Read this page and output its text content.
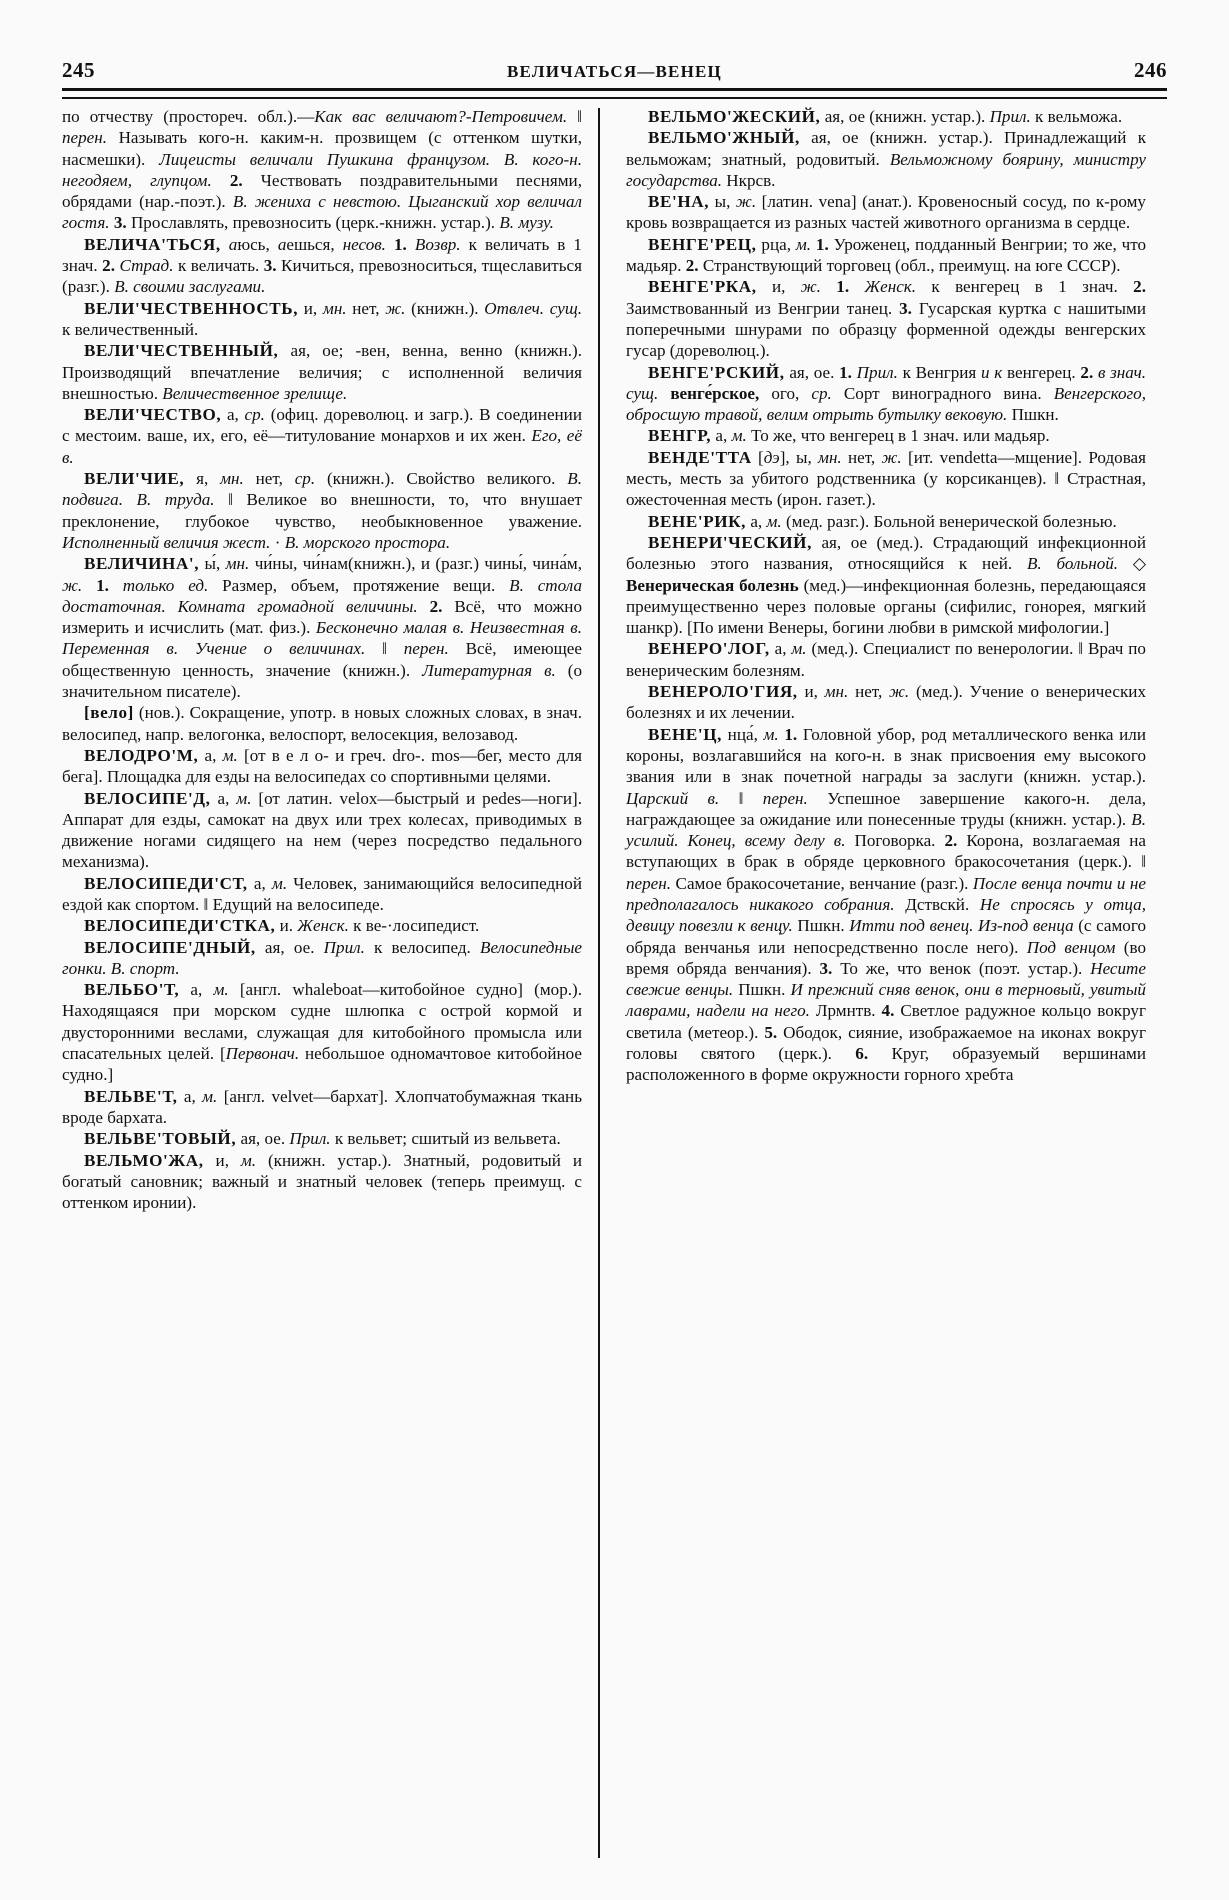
245	ВЕЛИЧАТЬСЯ—ВЕНЕЦ	246

по отчеству (простореч. обл.).—Как вас величают?-Петровичем. ‖ перен. Называть кого-н. каким-н. прозвищем (с оттенком шутки, насмешки). Лицеисты величали Пушкина французом. В. кого-н. негодяем, глупцом. 2. Чествовать поздравительными песнями, обрядами (нар.-поэт.). В. жениха с невстою. Цыганский хор величал гостя. 3. Прославлять, превозносить (церк.-книжн. устар.). В. музу.

ВЕЛИЧА'ТЬСЯ, аюсь, аешься, несов. 1. Возвр. к величать в 1 знач. 2. Страд. к величать. 3. Кичиться, превозноситься, тщеславиться (разг.). В. своими заслугами.

ВЕЛИ'ЧЕСТВЕННОСТЬ, и, мн. нет, ж. (книжн.). Отвлеч. сущ. к величественный.

ВЕЛИ'ЧЕСТВЕННЫЙ, ая, ое; -вен, венна, венно (книжн.). Производящий впечатление величия; с исполненной величия внешностью. Величественное зрелище.

ВЕЛИ'ЧЕСТВО, а, ср. (офиц. дореволюц. и загр.). В соединении с местоим. ваше, их, его, её—титулование монархов и их жен. Его, её в.

ВЕЛИ'ЧИЕ, я, мн. нет, ср. (книжн.). Свойство великого. В. подвига. В. труда. ‖ Великое во внешности, то, что внушает преклонение, глубокое чувство, необыкновенное уважение. Исполненный величия жест. · В. морского простора.

ВЕЛИЧИНА', ы́, мн. чи́ны, чи́нам(книжн.), и (разг.) чины́, чина́м, ж. 1. только ед. Размер, объем, протяжение вещи. В. стола достаточная. Комната громадной величины. 2. Всё, что можно измерить и исчислить (мат. физ.). Бесконечно малая в. Неизвестная в. Переменная в. Учение о величинах. ‖ перен. Всё, имеющее общественную ценность, значение (книжн.). Литературная в. (о значительном писателе).

[вело] (нов.). Сокращение, употр. в новых сложных словах, в знач. велосипед, напр. велогонка, велоспорт, велосекция, велозавод.

ВЕЛОДРО'М, а, м. [от в е л о- и греч. dro-. mos—бег, место для бега]. Площадка для езды на велосипедах со спортивными целями.

ВЕЛОСИПЕ'Д, а, м. [от латин. velox—быстрый и pedes—ноги]. Аппарат для езды, самокат на двух или трех колесах, приводимых в движение ногами сидящего на нем (через посредство педального механизма).

ВЕЛОСИПЕДИ'СТ, а, м. Человек, занимающийся велосипедной ездой как спортом. ‖ Едущий на велосипеде.

ВЕЛОСИПЕДИ'СТКА, и. Женск. к ве-·лосипедист.

ВЕЛОСИПЕ'ДНЫЙ, ая, ое. Прил. к велосипед. Велосипедные гонки. В. спорт.

ВЕЛЬБО'Т, а, м. [англ. whaleboat—китобойное судно] (мор.). Находящаяся при морском судне шлюпка с острой кормой и двусторонними веслами, служащая для китобойного промысла или спасательных целей. [Первонач. небольшое одномачтовое китобойное судно.]

ВЕЛЬВЕ'Т, а, м. [англ. velvet—бархат]. Хлопчатобумажная ткань вроде бархата.

ВЕЛЬВЕ'ТОВЫЙ, ая, ое. Прил. к вельвет; сшитый из вельвета.

ВЕЛЬМО'ЖА, и, м. (книжн. устар.). Знатный, родовитый и богатый сановник; важный и знатный человек (теперь преимущ. с оттенком иронии).

ВЕЛЬМО'ЖЕСКИЙ, ая, ое (книжн. устар.). Прил. к вельможа.

ВЕЛЬМО'ЖНЫЙ, ая, ое (книжн. устар.). Принадлежащий к вельможам; знатный, родовитый. Вельможному боярину, министру государства. Нкрсв.

ВЕ'НА, ы, ж. [латин. vena] (анат.). Кровеносный сосуд, по к-рому кровь возвращается из разных частей животного организма в сердце.

ВЕНГЕ'РЕЦ, рца, м. 1. Уроженец, подданный Венгрии; то же, что мадьяр. 2. Странствующий торговец (обл., преимущ. на юге СССР).

ВЕНГЕ'РКА, и, ж. 1. Женск. к венгерец в 1 знач. 2. Заимствованный из Венгрии танец. 3. Гусарская куртка с нашитыми поперечными шнурами по образцу форменной одежды венгерских гусар (дореволюц.).

ВЕНГЕ'РСКИЙ, ая, ое. 1. Прил. к Венгрия и к венгерец. 2. в знач. сущ. венге́рское, ого, ср. Сорт виноградного вина. Венгерского, обросшую травой, велим отрыть бутылку вековую. Пшкн.

ВЕНГР, а, м. То же, что венгерец в 1 знач. или мадьяр.

ВЕНДЕ'ТТА [дэ], ы, мн. нет, ж. [ит. vendetta—мщение]. Родовая месть, месть за убитого родственника (у корсиканцев). ‖ Страстная, ожесточенная месть (ирон. газет.).

ВЕНЕ'РИК, а, м. (мед. разг.). Больной венерической болезнью.

ВЕНЕРИ'ЧЕСКИЙ, ая, ое (мед.). Страдающий инфекционной болезнью этого названия, относящийся к ней. В. больной. ◇ Венерическая болезнь (мед.)—инфекционная болезнь, передающаяся преимущественно через половые органы (сифилис, гонорея, мягкий шанкр). [По имени Венеры, богини любви в римской мифологии.]

ВЕНЕРО'ЛОГ, а, м. (мед.). Специалист по венерологии. ‖ Врач по венерическим болезням.

ВЕНЕРОЛО'ГИЯ, и, мн. нет, ж. (мед.). Учение о венерических болезнях и их лечении.

ВЕНЕ'Ц, нца́, м. 1. Головной убор, род металлического венка или короны, возлагавшийся на кого-н. в знак присвоения ему высокого звания или в знак почетной награды за заслуги (книжн. устар.). Царский в. ‖ перен. Успешное завершение какого-н. дела, награждающее за ожидание или понесенные труды (книжн. устар.). В. усилий. Конец, всему делу в. Поговорка. 2. Корона, возлагаемая на вступающих в брак в обряде церковного бракосочетания (церк.). ‖ перен. Самое бракосочетание, венчание (разг.). После венца почти и не предполагалось никакого собрания. Дствскй. Не спросясь у отца, девицу повезли к венцу. Пшкн. Итти под венец. Из-под венца (с самого обряда венчанья или непосредственно после него). Под венцом (во время обряда венчания). 3. То же, что венок (поэт. устар.). Несите свежие венцы. Пшкн. И прежний сняв венок, они в терновый, увитый лаврами, надели на него. Лрмнтв. 4. Светлое радужное кольцо вокруг светила (метеор.). 5. Ободок, сияние, изображаемое на иконах вокруг головы святого (церк.). 6. Круг, образуемый вершинами расположенного в форме окружности горного хребта
